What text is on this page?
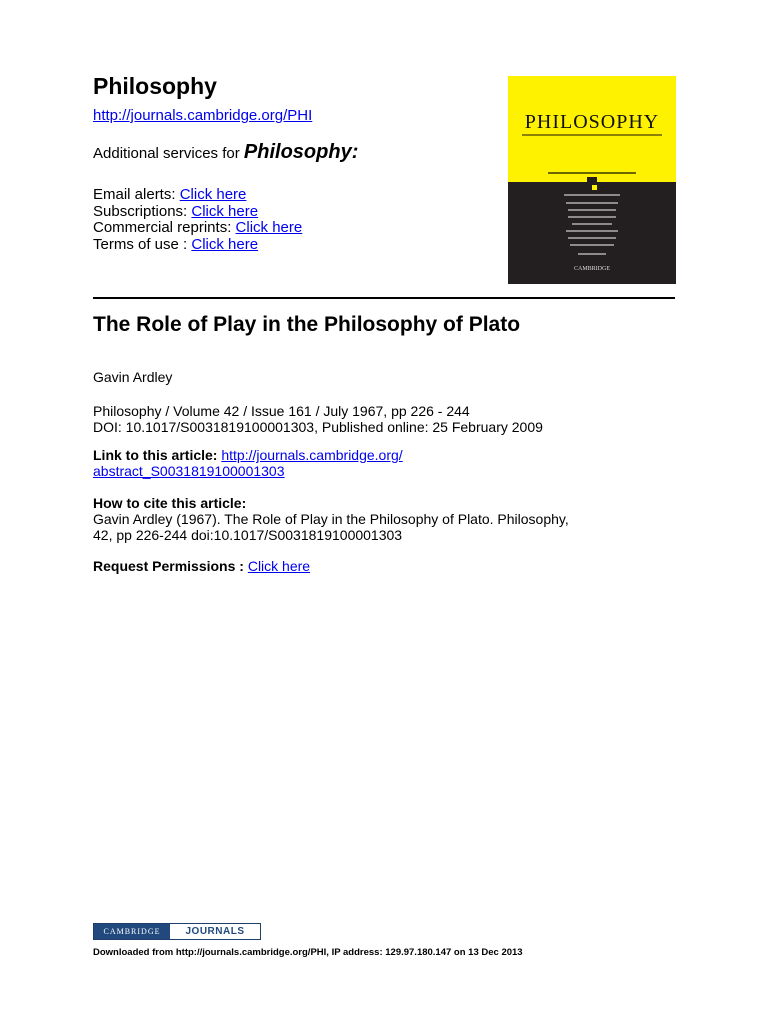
Philosophy
http://journals.cambridge.org/PHI
Additional services for Philosophy:
Email alerts: Click here
Subscriptions: Click here
Commercial reprints: Click here
Terms of use : Click here
PHILOSOPHY
CAMBRIDGE
The Role of Play in the Philosophy of Plato
Gavin Ardley
Philosophy / Volume 42 / Issue 161 / July 1967, pp 226 - 244
DOI: 10.1017/S0031819100001303, Published online: 25 February 2009
Link to this article: http://journals.cambridge.org/
abstract_S0031819100001303
How to cite this article:
Gavin Ardley (1967). The Role of Play in the Philosophy of Plato. Philosophy,
42, pp 226-244 doi:10.1017/S0031819100001303
Request Permissions : Click here
CAMBRIDGE	JOURNALS
Downloaded from http://journals.cambridge.org/PHI, IP address: 129.97.180.147 on 13 Dec 2013
